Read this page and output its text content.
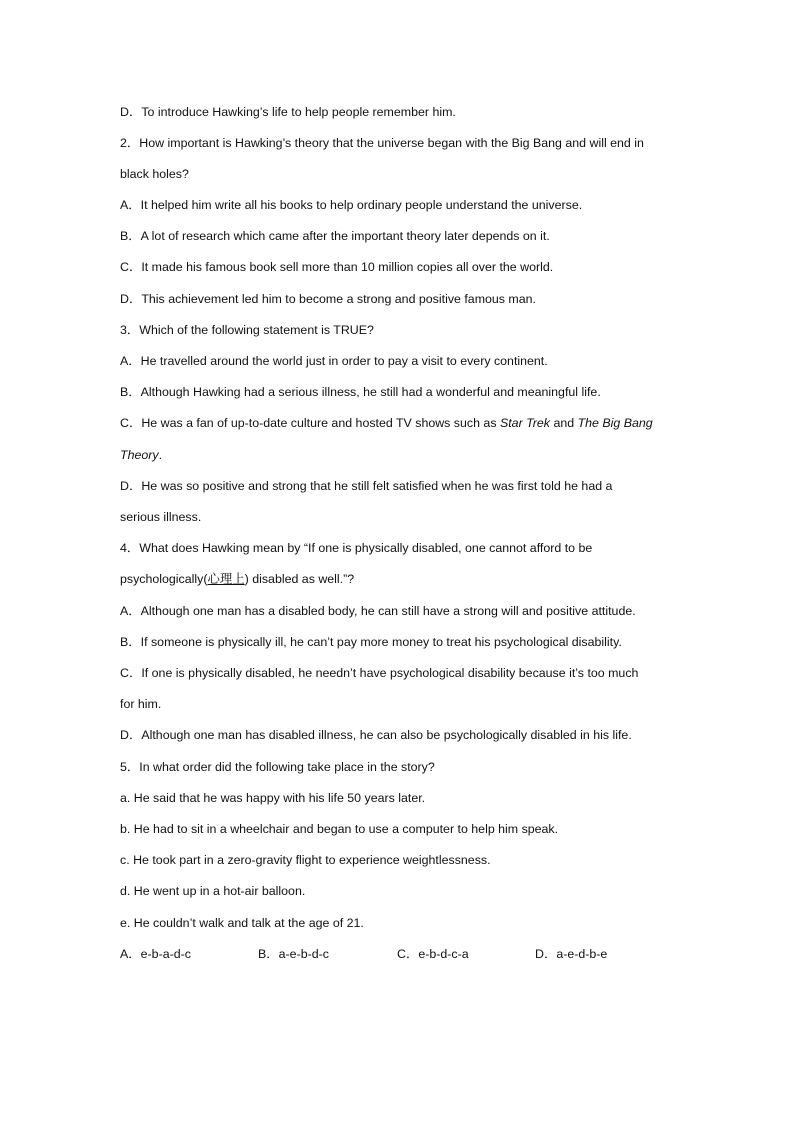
D．To introduce Hawking’s life to help people remember him.
2．How important is Hawking’s theory that the universe began with the Big Bang and will end in
black holes?
A．It helped him write all his books to help ordinary people understand the universe.
B．A lot of research which came after the important theory later depends on it.
C．It made his famous book sell more than 10 million copies all over the world.
D．This achievement led him to become a strong and positive famous man.
3．Which of the following statement is TRUE?
A．He travelled around the world just in order to pay a visit to every continent.
B．Although Hawking had a serious illness, he still had a wonderful and meaningful life.
C．He was a fan of up-to-date culture and hosted TV shows such as Star Trek and The Big Bang
Theory.
D．He was so positive and strong that he still felt satisfied when he was first told he had a
serious illness.
4．What does Hawking mean by “If one is physically disabled, one cannot afford to be
psychologically(心理上) disabled as well.”?
A．Although one man has a disabled body, he can still have a strong will and positive attitude.
B．If someone is physically ill, he can’t pay more money to treat his psychological disability.
C．If one is physically disabled, he needn’t have psychological disability because it’s too much
for him.
D．Although one man has disabled illness, he can also be psychologically disabled in his life.
5．In what order did the following take place in the story?
a. He said that he was happy with his life 50 years later.
b. He had to sit in a wheelchair and began to use a computer to help him speak.
c. He took part in a zero-gravity flight to experience weightlessness.
d. He went up in a hot-air balloon.
e. He couldn’t walk and talk at the age of 21.
A．e-b-a-d-c	B．a-e-b-d-c	C．e-b-d-c-a	D．a-e-d-b-e
